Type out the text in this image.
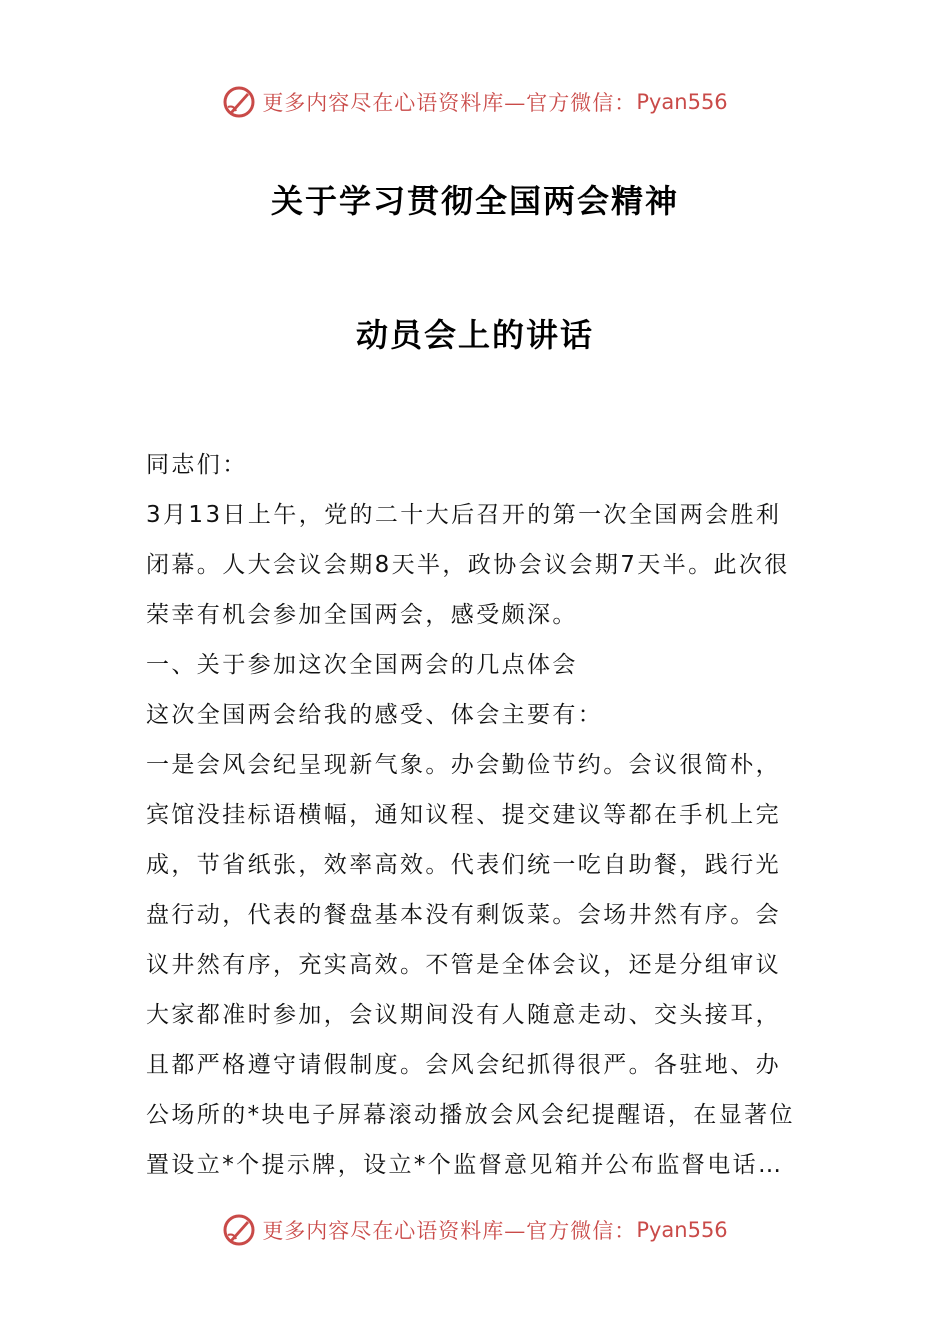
更多内容尽在心语资料库—官方微信： Pyan556
关于学习贯彻全国两会精神
动员会上的讲话
同志们：
3月13日上午，党的二十大后召开的第一次全国两会胜利
闭幕。人大会议会期8天半，政协会议会期7天半。此次很
荣幸有机会参加全国两会，感受颇深。
一、关于参加这次全国两会的几点体会
这次全国两会给我的感受、体会主要有：
一是会风会纪呈现新气象。办会勤俭节约。会议很简朴，
宾馆没挂标语横幅，通知议程、提交建议等都在手机上完
成，节省纸张，效率高效。代表们统一吃自助餐，践行光
盘行动，代表的餐盘基本没有剩饭菜。会场井然有序。会
议井然有序，充实高效。不管是全体会议，还是分组审议
大家都准时参加，会议期间没有人随意走动、交头接耳，
且都严格遵守请假制度。会风会纪抓得很严。各驻地、办
公场所的*块电子屏幕滚动播放会风会纪提醒语，在显著位
置设立*个提示牌，设立*个监督意见箱并公布监督电话…
更多内容尽在心语资料库—官方微信： Pyan556
